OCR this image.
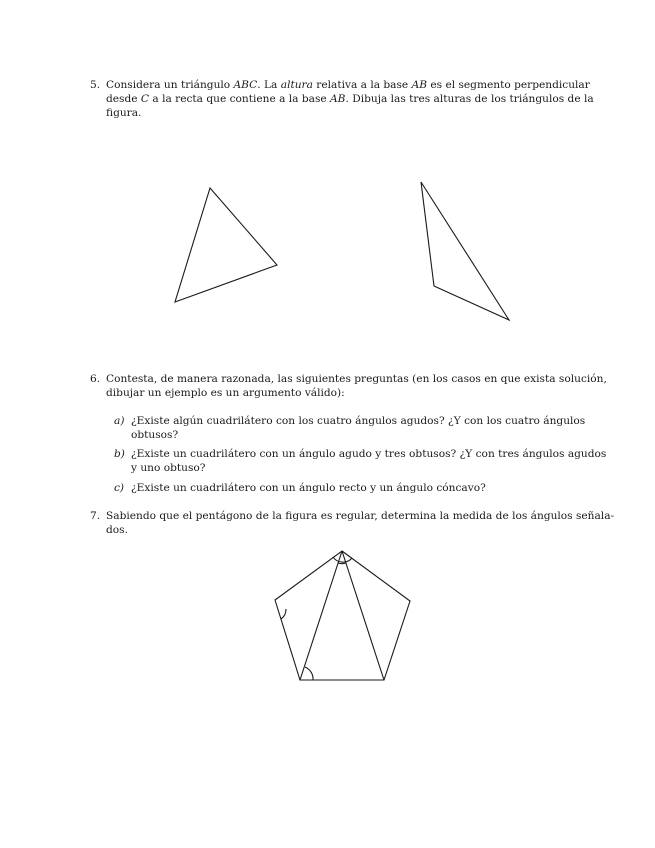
5. Considera un triángulo ABC. La altura relativa a la base AB es el segmento perpendicular
desde C a la recta que contiene a la base AB. Dibuja las tres alturas de los triángulos de la
figura.
6. Contesta, de manera razonada, las siguientes preguntas (en los casos en que exista solución,
dibujar un ejemplo es un argumento válido):
a) ¿Existe algún cuadrilátero con los cuatro ángulos agudos? ¿Y con los cuatro ángulos
obtusos?
b) ¿Existe un cuadrilátero con un ángulo agudo y tres obtusos? ¿Y con tres ángulos agudos
y uno obtuso?
c) ¿Existe un cuadrilátero con un ángulo recto y un ángulo cóncavo?
7. Sabiendo que el pentágono de la figura es regular, determina la medida de los ángulos señala-
dos.
